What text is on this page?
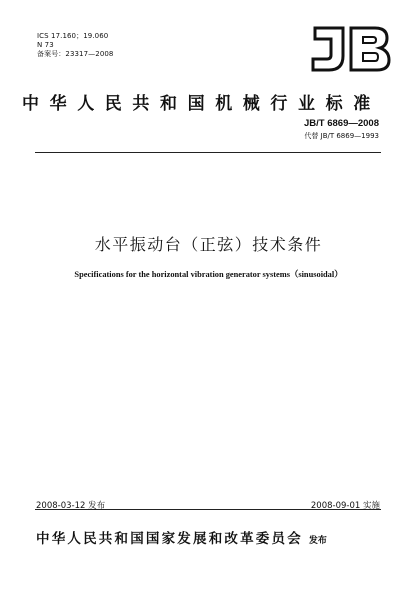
ICS 17.160；19.060
N 73
备案号：23317—2008
中华人民共和国机械行业标准
JB/T 6869—2008
代替 JB/T 6869—1993
水平振动台（正弦）技术条件
Specifications for the horizontal vibration generator systems（sinusoidal）
2008-03-12 发布	2008-09-01 实施
中华人民共和国国家发展和改革委员会 发布
